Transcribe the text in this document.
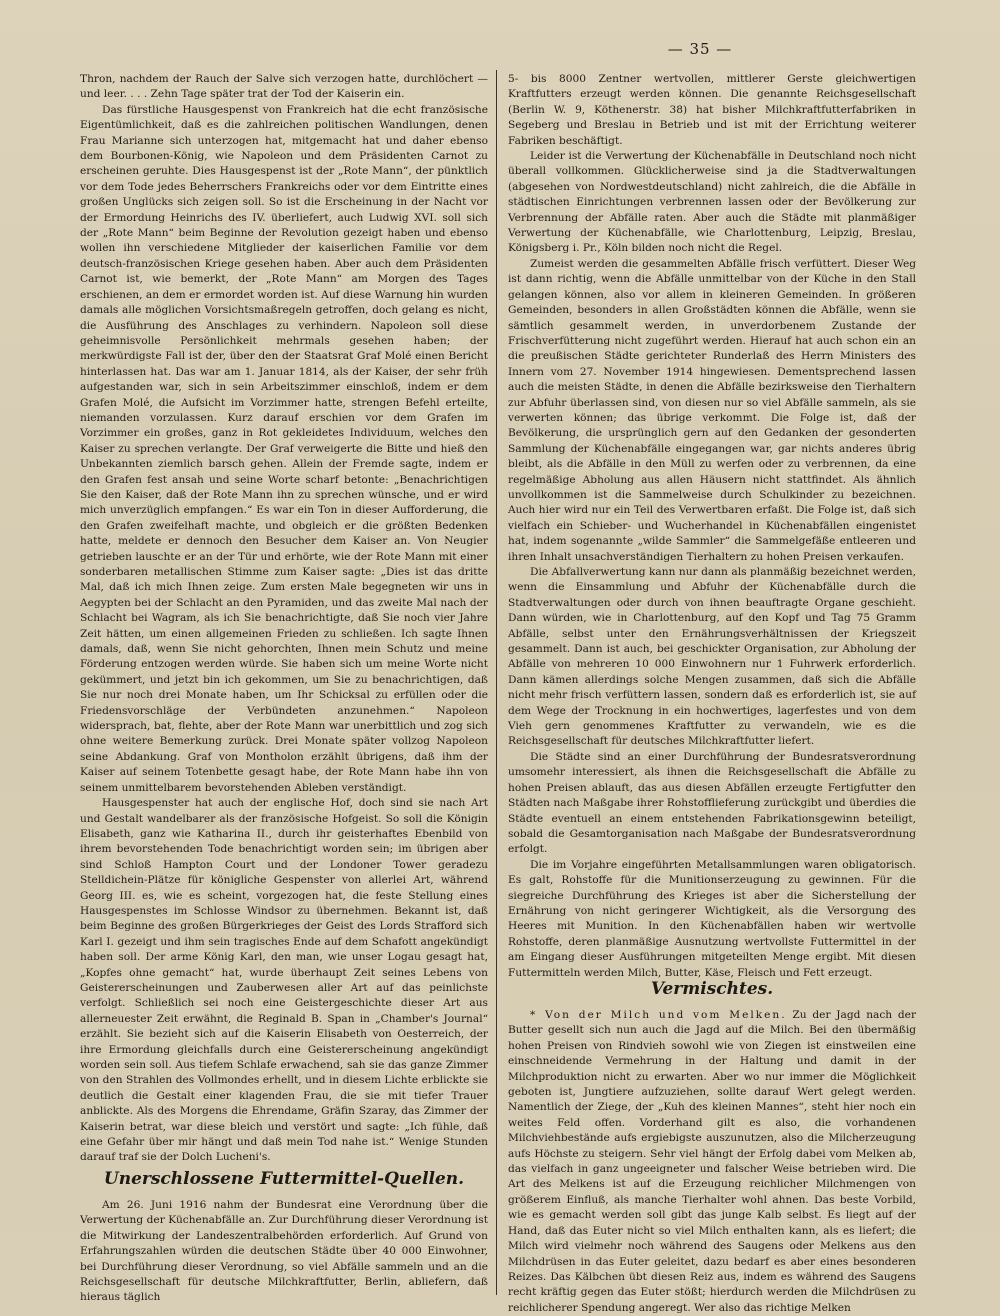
— 35 —

Thron, nachdem der Rauch der Salve sich verzogen hatte, durchlöchert — und leer. . . . Zehn Tage später trat der Tod der Kaiserin ein.

Das fürstliche Hausgespenst von Frankreich hat die echt französische Eigentümlichkeit, daß es die zahlreichen politischen Wandlungen, denen Frau Marianne sich unterzogen hat, mitgemacht hat und daher ebenso dem Bourbonen-König, wie Napoleon und dem Präsidenten Carnot zu erscheinen geruhte. Dies Hausgespenst ist der „Rote Mann“, der pünktlich vor dem Tode jedes Beherrschers Frankreichs oder vor dem Eintritte eines großen Unglücks sich zeigen soll. So ist die Erscheinung in der Nacht vor der Ermordung Heinrichs des IV. überliefert, auch Ludwig XVI. soll sich der „Rote Mann“ beim Beginne der Revolution gezeigt haben und ebenso wollen ihn verschiedene Mitglieder der kaiserlichen Familie vor dem deutsch-französischen Kriege gesehen haben. Aber auch dem Präsidenten Carnot ist, wie bemerkt, der „Rote Mann“ am Morgen des Tages erschienen, an dem er ermordet worden ist. Auf diese Warnung hin wurden damals alle möglichen Vorsichtsmaßregeln getroffen, doch gelang es nicht, die Ausführung des Anschlages zu verhindern. Napoleon soll diese geheimnisvolle Persönlichkeit mehrmals gesehen haben; der merkwürdigste Fall ist der, über den der Staatsrat Graf Molé einen Bericht hinterlassen hat. Das war am 1. Januar 1814, als der Kaiser, der sehr früh aufgestanden war, sich in sein Arbeitszimmer einschloß, indem er dem Grafen Molé, die Aufsicht im Vorzimmer hatte, strengen Befehl erteilte, niemanden vorzulassen. Kurz darauf erschien vor dem Grafen im Vorzimmer ein großes, ganz in Rot gekleidetes Individuum, welches den Kaiser zu sprechen verlangte. Der Graf verweigerte die Bitte und hieß den Unbekannten ziemlich barsch gehen. Allein der Fremde sagte, indem er den Grafen fest ansah und seine Worte scharf betonte: „Benachrichtigen Sie den Kaiser, daß der Rote Mann ihn zu sprechen wünsche, und er wird mich unverzüglich empfangen.“ Es war ein Ton in dieser Aufforderung, die den Grafen zweifelhaft machte, und obgleich er die größten Bedenken hatte, meldete er dennoch den Besucher dem Kaiser an. Von Neugier getrieben lauschte er an der Tür und erhörte, wie der Rote Mann mit einer sonderbaren metallischen Stimme zum Kaiser sagte: „Dies ist das dritte Mal, daß ich mich Ihnen zeige. Zum ersten Male begegneten wir uns in Aegypten bei der Schlacht an den Pyramiden, und das zweite Mal nach der Schlacht bei Wagram, als ich Sie benachrichtigte, daß Sie noch vier Jahre Zeit hätten, um einen allgemeinen Frieden zu schließen. Ich sagte Ihnen damals, daß, wenn Sie nicht gehorchten, Ihnen mein Schutz und meine Förderung entzogen werden würde. Sie haben sich um meine Worte nicht gekümmert, und jetzt bin ich gekommen, um Sie zu benachrichtigen, daß Sie nur noch drei Monate haben, um Ihr Schicksal zu erfüllen oder die Friedensvorschläge der Verbündeten anzunehmen.“ Napoleon widersprach, bat, flehte, aber der Rote Mann war unerbittlich und zog sich ohne weitere Bemerkung zurück. Drei Monate später vollzog Napoleon seine Abdankung. Graf von Montholon erzählt übrigens, daß ihm der Kaiser auf seinem Totenbette gesagt habe, der Rote Mann habe ihn von seinem unmittelbarem bevorstehenden Ableben verständigt.

Hausgespenster hat auch der englische Hof, doch sind sie nach Art und Gestalt wandelbarer als der französische Hofgeist. So soll die Königin Elisabeth, ganz wie Katharina II., durch ihr geisterhaftes Ebenbild von ihrem bevorstehenden Tode benachrichtigt worden sein; im übrigen aber sind Schloß Hampton Court und der Londoner Tower geradezu Stelldichein-Plätze für königliche Gespenster von allerlei Art, während Georg III. es, wie es scheint, vorgezogen hat, die feste Stellung eines Hausgespenstes im Schlosse Windsor zu übernehmen. Bekannt ist, daß beim Beginne des großen Bürgerkrieges der Geist des Lords Strafford sich Karl I. gezeigt und ihm sein tragisches Ende auf dem Schafott angekündigt haben soll. Der arme König Karl, den man, wie unser Logau gesagt hat, „Kopfes ohne gemacht“ hat, wurde überhaupt Zeit seines Lebens von Geistererscheinungen und Zauberwesen aller Art auf das peinlichste verfolgt. Schließlich sei noch eine Geistergeschichte dieser Art aus allerneuester Zeit erwähnt, die Reginald B. Span in „Chamber's Journal“ erzählt. Sie bezieht sich auf die Kaiserin Elisabeth von Oesterreich, der ihre Ermordung gleichfalls durch eine Geistererscheinung angekündigt worden sein soll. Aus tiefem Schlafe erwachend, sah sie das ganze Zimmer von den Strahlen des Vollmondes erhellt, und in diesem Lichte erblickte sie deutlich die Gestalt einer klagenden Frau, die sie mit tiefer Trauer anblickte. Als des Morgens die Ehrendame, Gräfin Szaray, das Zimmer der Kaiserin betrat, war diese bleich und verstört und sagte: „Ich fühle, daß eine Gefahr über mir hängt und daß mein Tod nahe ist.“ Wenige Stunden darauf traf sie der Dolch Lucheni's.

Unerschlossene Futtermittel-Quellen.

Am 26. Juni 1916 nahm der Bundesrat eine Verordnung über die Verwertung der Küchenabfälle an. Zur Durchführung dieser Verordnung ist die Mitwirkung der Landeszentralbehörden erforderlich. Auf Grund von Erfahrungszahlen würden die deutschen Städte über 40 000 Einwohner, bei Durchführung dieser Verordnung, so viel Abfälle sammeln und an die Reichsgesellschaft für deutsche Milchkraftfutter, Berlin, abliefern, daß hieraus täglich

5- bis 8000 Zentner wertvollen, mittlerer Gerste gleichwertigen Kraftfutters erzeugt werden können. Die genannte Reichsgesellschaft (Berlin W. 9, Köthenerstr. 38) hat bisher Milchkraftfutterfabriken in Segeberg und Breslau in Betrieb und ist mit der Errichtung weiterer Fabriken beschäftigt.

Leider ist die Verwertung der Küchenabfälle in Deutschland noch nicht überall vollkommen. Glücklicherweise sind ja die Stadtverwaltungen (abgesehen von Nordwestdeutschland) nicht zahlreich, die die Abfälle in städtischen Einrichtungen verbrennen lassen oder der Bevölkerung zur Verbrennung der Abfälle raten. Aber auch die Städte mit planmäßiger Verwertung der Küchenabfälle, wie Charlottenburg, Leipzig, Breslau, Königsberg i. Pr., Köln bilden noch nicht die Regel.

Zumeist werden die gesammelten Abfälle frisch verfüttert. Dieser Weg ist dann richtig, wenn die Abfälle unmittelbar von der Küche in den Stall gelangen können, also vor allem in kleineren Gemeinden. In größeren Gemeinden, besonders in allen Großstädten können die Abfälle, wenn sie sämtlich gesammelt werden, in unverdorbenem Zustande der Frischverfütterung nicht zugeführt werden. Hierauf hat auch schon ein an die preußischen Städte gerichteter Runderlaß des Herrn Ministers des Innern vom 27. November 1914 hingewiesen. Dementsprechend lassen auch die meisten Städte, in denen die Abfälle bezirksweise den Tierhaltern zur Abfuhr überlassen sind, von diesen nur so viel Abfälle sammeln, als sie verwerten können; das übrige verkommt. Die Folge ist, daß der Bevölkerung, die ursprünglich gern auf den Gedanken der gesonderten Sammlung der Küchenabfälle eingegangen war, gar nichts anderes übrig bleibt, als die Abfälle in den Müll zu werfen oder zu verbrennen, da eine regelmäßige Abholung aus allen Häusern nicht stattfindet. Als ähnlich unvollkommen ist die Sammelweise durch Schulkinder zu bezeichnen. Auch hier wird nur ein Teil des Verwertbaren erfaßt. Die Folge ist, daß sich vielfach ein Schieber- und Wucherhandel in Küchenabfällen eingenistet hat, indem sogenannte „wilde Sammler“ die Sammelgefäße entleeren und ihren Inhalt unsachverständigen Tierhaltern zu hohen Preisen verkaufen.

Die Abfallverwertung kann nur dann als planmäßig bezeichnet werden, wenn die Einsammlung und Abfuhr der Küchenabfälle durch die Stadtverwaltungen oder durch von ihnen beauftragte Organe geschieht. Dann würden, wie in Charlottenburg, auf den Kopf und Tag 75 Gramm Abfälle, selbst unter den Ernährungsverhältnissen der Kriegszeit gesammelt. Dann ist auch, bei geschickter Organisation, zur Abholung der Abfälle von mehreren 10 000 Einwohnern nur 1 Fuhrwerk erforderlich. Dann kämen allerdings solche Mengen zusammen, daß sich die Abfälle nicht mehr frisch verfüttern lassen, sondern daß es erforderlich ist, sie auf dem Wege der Trocknung in ein hochwertiges, lagerfestes und von dem Vieh gern genommenes Kraftfutter zu verwandeln, wie es die Reichsgesellschaft für deutsches Milchkraftfutter liefert.

Die Städte sind an einer Durchführung der Bundesratsverordnung umsomehr interessiert, als ihnen die Reichsgesellschaft die Abfälle zu hohen Preisen ablauft, das aus diesen Abfällen erzeugte Fertigfutter den Städten nach Maßgabe ihrer Rohstofflieferung zurückgibt und überdies die Städte eventuell an einem entstehenden Fabrikationsgewinn beteiligt, sobald die Gesamtorganisation nach Maßgabe der Bundesratsverordnung erfolgt.

Die im Vorjahre eingeführten Metallsammlungen waren obligatorisch. Es galt, Rohstoffe für die Munitionserzeugung zu gewinnen. Für die siegreiche Durchführung des Krieges ist aber die Sicherstellung der Ernährung von nicht geringerer Wichtigkeit, als die Versorgung des Heeres mit Munition. In den Küchenabfällen haben wir wertvolle Rohstoffe, deren planmäßige Ausnutzung wertvollste Futtermittel in der am Eingang dieser Ausführungen mitgeteilten Menge ergibt. Mit diesen Futtermitteln werden Milch, Butter, Käse, Fleisch und Fett erzeugt.

Vermischtes.

* Von der Milch und vom Melken. Zu der Jagd nach der Butter gesellt sich nun auch die Jagd auf die Milch. Bei den übermäßig hohen Preisen von Rindvieh sowohl wie von Ziegen ist einstweilen eine einschneidende Vermehrung in der Haltung und damit in der Milchproduktion nicht zu erwarten. Aber wo nur immer die Möglichkeit geboten ist, Jungtiere aufzuziehen, sollte darauf Wert gelegt werden. Namentlich der Ziege, der „Kuh des kleinen Mannes“, steht hier noch ein weites Feld offen. Vorderhand gilt es also, die vorhandenen Milchviehbestände aufs ergiebigste auszunutzen, also die Milcherzeugung aufs Höchste zu steigern. Sehr viel hängt der Erfolg dabei vom Melken ab, das vielfach in ganz ungeeigneter und falscher Weise betrieben wird. Die Art des Melkens ist auf die Erzeugung reichlicher Milchmengen von größerem Einfluß, als manche Tierhalter wohl ahnen. Das beste Vorbild, wie es gemacht werden soll gibt das junge Kalb selbst. Es liegt auf der Hand, daß das Euter nicht so viel Milch enthalten kann, als es liefert; die Milch wird vielmehr noch während des Saugens oder Melkens aus den Milchdrüsen in das Euter geleitet, dazu bedarf es aber eines besonderen Reizes. Das Kälbchen übt diesen Reiz aus, indem es während des Saugens recht kräftig gegen das Euter stößt; hierdurch werden die Milchdrüsen zu reichlicherer Spendung angeregt. Wer also das richtige Melken
